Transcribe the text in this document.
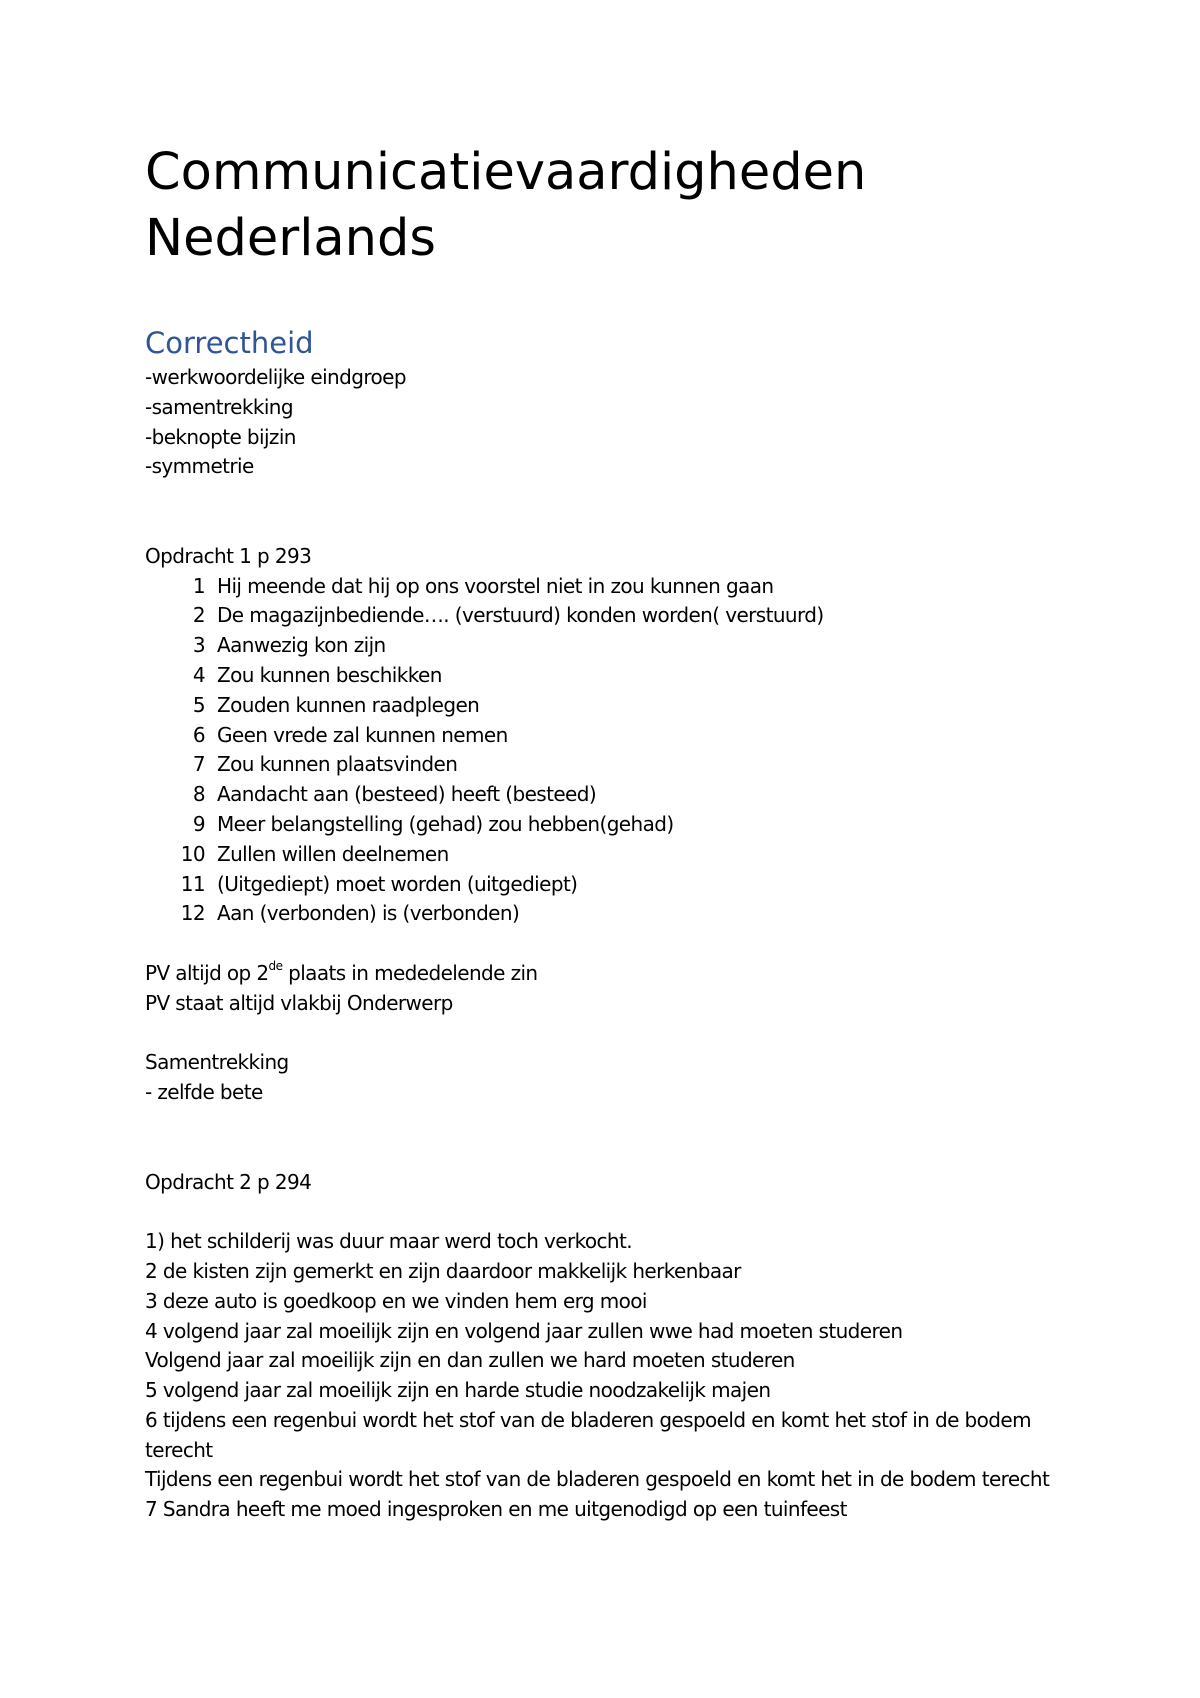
Communicatievaardigheden
Nederlands
Correctheid
-werkwoordelijke eindgroep
-samentrekking
-beknopte bijzin
-symmetrie
Opdracht 1 p 293
1 Hij meende dat hij op ons voorstel niet in zou kunnen gaan
2 De magazijnbediende…. (verstuurd) konden worden( verstuurd)
3 Aanwezig kon zijn
4 Zou kunnen beschikken
5 Zouden kunnen raadplegen
6 Geen vrede zal kunnen nemen
7 Zou kunnen plaatsvinden
8 Aandacht aan (besteed) heeft (besteed)
9 Meer belangstelling (gehad) zou hebben(gehad)
10 Zullen willen deelnemen
11 (Uitgediept) moet worden (uitgediept)
12 Aan (verbonden) is (verbonden)
PV altijd op 2de plaats in mededelende zin
PV staat altijd vlakbij Onderwerp
Samentrekking
- zelfde bete
Opdracht 2 p 294
1) het schilderij was duur maar werd toch verkocht.
2 de kisten zijn gemerkt en zijn daardoor makkelijk herkenbaar
3 deze auto is goedkoop en we vinden hem erg mooi
4 volgend jaar zal moeilijk zijn en volgend jaar zullen wwe had moeten studeren
Volgend jaar zal moeilijk zijn en dan zullen we hard moeten studeren
5 volgend jaar zal moeilijk zijn en harde studie noodzakelijk majen
6 tijdens een regenbui wordt het stof van de bladeren gespoeld en komt het stof in de bodem terecht
Tijdens een regenbui wordt het stof van de bladeren gespoeld en komt het in de bodem terecht
7 Sandra heeft me moed ingesproken en me uitgenodigd op een tuinfeest
